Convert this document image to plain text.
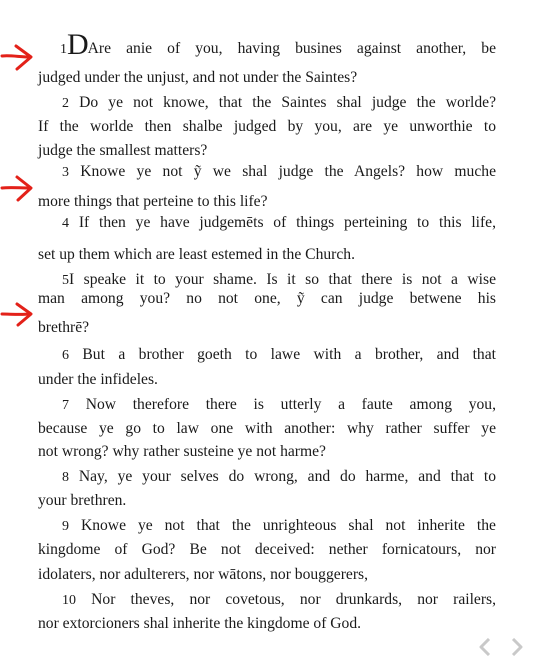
1DAre anie of you, having busines against another, be
judged under the unjust, and not under the Saintes?
2 Do ye not knowe, that the Saintes shal judge the worlde?
If the worlde then shalbe judged by you, are ye unworthie to
judge the smallest matters?
3 Knowe ye not ỹ we shal judge the Angels? how muche
more things that perteine to this life?
4 If then ye have judgemēts of things perteining to this life,
set up them which are least estemed in the Church.
5I speake it to your shame. Is it so that there is not a wise
man among you? no not one, ỹ can judge betwene his
brethrē?
6 But a brother goeth to lawe with a brother, and that
under the infideles.
7 Now therefore there is utterly a faute among you,
because ye go to law one with another: why rather suffer ye
not wrong? why rather susteine ye not harme?
8 Nay, ye your selves do wrong, and do harme, and that to
your brethren.
9 Knowe ye not that the unrighteous shal not inherite the
kingdome of God? Be not deceived: nether fornicatours, nor
idolaters, nor adulterers, nor wātons, nor bouggerers,
10 Nor theves, nor covetous, nor drunkards, nor railers,
nor extorcioners shal inherite the kingdome of God.
